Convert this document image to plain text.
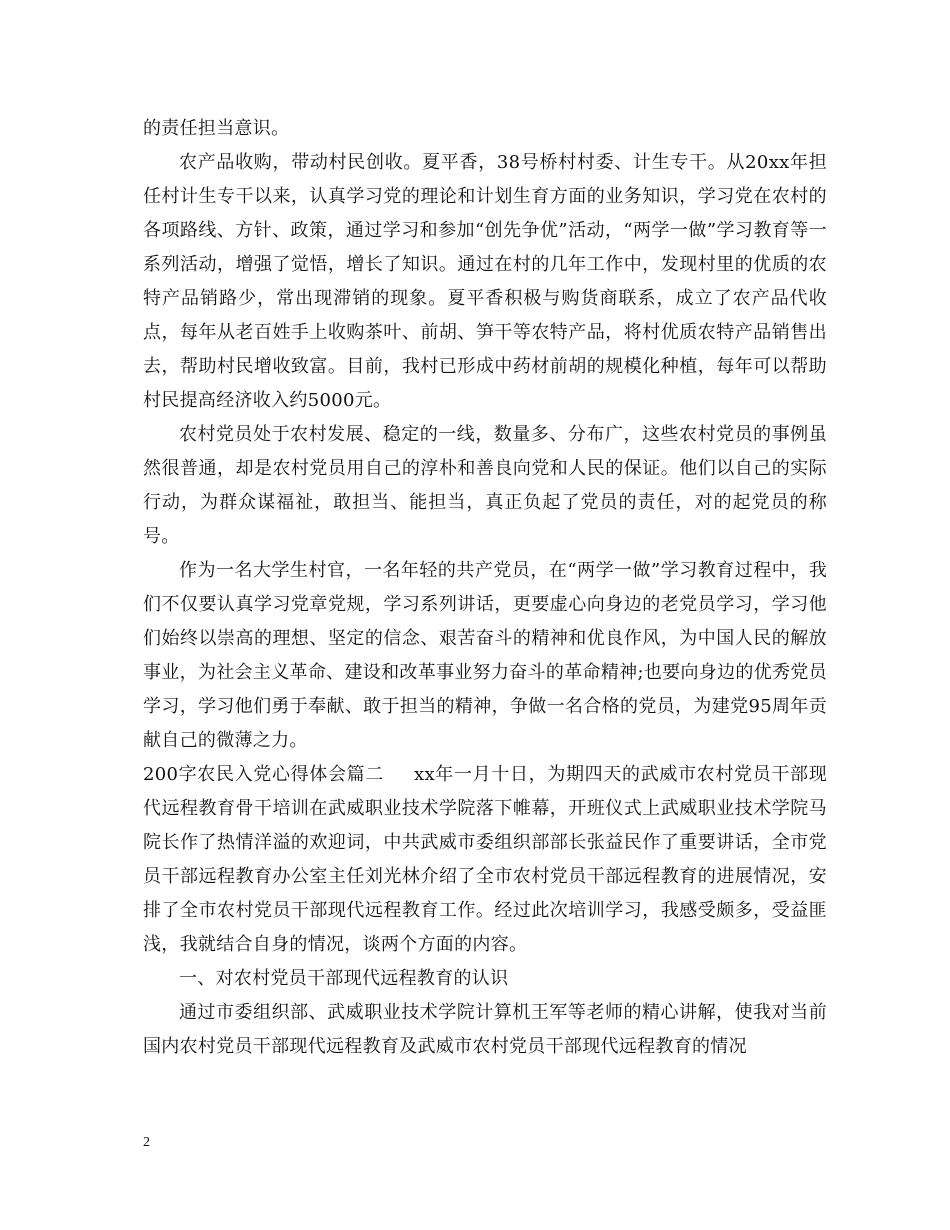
的责任担当意识。

农产品收购，带动村民创收。夏平香，38号桥村村委、计生专干。从20xx年担任村计生专干以来，认真学习党的理论和计划生育方面的业务知识，学习党在农村的各项路线、方针、政策，通过学习和参加“创先争优”活动，“两学一做”学习教育等一系列活动，增强了觉悟，增长了知识。通过在村的几年工作中，发现村里的优质的农特产品销路少，常出现滞销的现象。夏平香积极与购货商联系，成立了农产品代收点，每年从老百姓手上收购茶叶、前胡、笋干等农特产品，将村优质农特产品销售出去，帮助村民增收致富。目前，我村已形成中药材前胡的规模化种植，每年可以帮助村民提高经济收入约5000元。

农村党员处于农村发展、稳定的一线，数量多、分布广，这些农村党员的事例虽然很普通，却是农村党员用自己的淳朴和善良向党和人民的保证。他们以自己的实际行动，为群众谋福祉，敢担当、能担当，真正负起了党员的责任，对的起党员的称号。

作为一名大学生村官，一名年轻的共产党员，在“两学一做”学习教育过程中，我们不仅要认真学习党章党规，学习系列讲话，更要虚心向身边的老党员学习，学习他们始终以崇高的理想、坚定的信念、艰苦奋斗的精神和优良作风，为中国人民的解放事业，为社会主义革命、建设和改革事业努力奋斗的革命精神;也要向身边的优秀党员学习，学习他们勇于奉献、敢于担当的精神，争做一名合格的党员，为建党95周年贡献自己的微薄之力。

200字农民入党心得体会篇二 xx年一月十日，为期四天的武威市农村党员干部现代远程教育骨干培训在武威职业技术学院落下帷幕，开班仪式上武威职业技术学院马院长作了热情洋溢的欢迎词，中共武威市委组织部部长张益民作了重要讲话，全市党员干部远程教育办公室主任刘光林介绍了全市农村党员干部远程教育的进展情况，安排了全市农村党员干部现代远程教育工作。经过此次培训学习，我感受颇多，受益匪浅，我就结合自身的情况，谈两个方面的内容。

一、对农村党员干部现代远程教育的认识

通过市委组织部、武威职业技术学院计算机王军等老师的精心讲解，使我对当前国内农村党员干部现代远程教育及武威市农村党员干部现代远程教育的情况

2
